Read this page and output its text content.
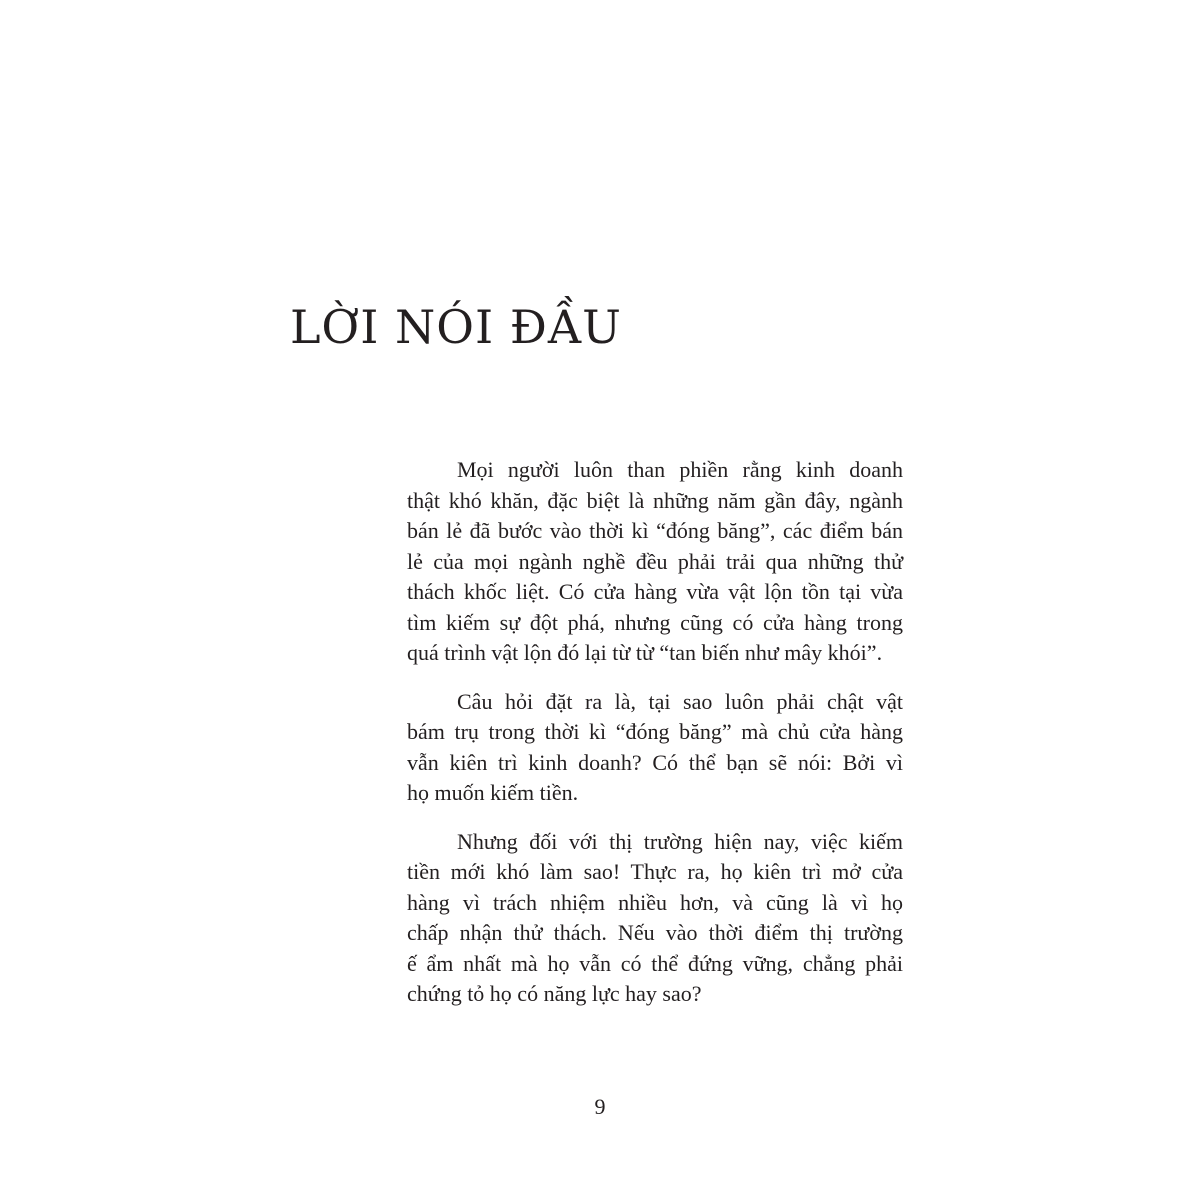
LỜI NÓI ĐẦU

Mọi người luôn than phiền rằng kinh doanh
thật khó khăn, đặc biệt là những năm gần đây, ngành
bán lẻ đã bước vào thời kì “đóng băng”, các điểm bán
lẻ của mọi ngành nghề đều phải trải qua những thử
thách khốc liệt. Có cửa hàng vừa vật lộn tồn tại vừa
tìm kiếm sự đột phá, nhưng cũng có cửa hàng trong
quá trình vật lộn đó lại từ từ “tan biến như mây khói”.

Câu hỏi đặt ra là, tại sao luôn phải chật vật
bám trụ trong thời kì “đóng băng” mà chủ cửa hàng
vẫn kiên trì kinh doanh? Có thể bạn sẽ nói: Bởi vì
họ muốn kiếm tiền.

Nhưng đối với thị trường hiện nay, việc kiếm
tiền mới khó làm sao! Thực ra, họ kiên trì mở cửa
hàng vì trách nhiệm nhiều hơn, và cũng là vì họ
chấp nhận thử thách. Nếu vào thời điểm thị trường
ế ẩm nhất mà họ vẫn có thể đứng vững, chẳng phải
chứng tỏ họ có năng lực hay sao?

9
